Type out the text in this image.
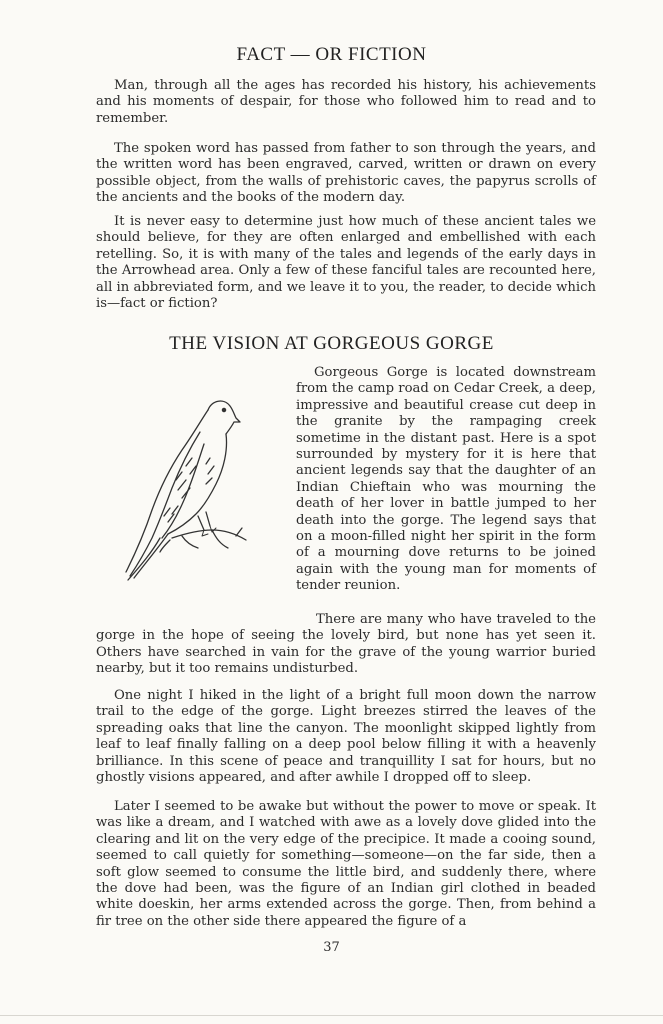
FACT — OR FICTION

Man, through all the ages has recorded his history, his achievements and his moments of despair, for those who followed him to read and to remember.

The spoken word has passed from father to son through the years, and the written word has been engraved, carved, written or drawn on every possible object, from the walls of prehistoric caves, the papyrus scrolls of the ancients and the books of the modern day.

It is never easy to determine just how much of these ancient tales we should believe, for they are often enlarged and embellished with each retelling. So, it is with many of the tales and legends of the early days in the Arrowhead area. Only a few of these fanciful tales are recounted here, all in abbreviated form, and we leave it to you, the reader, to decide which is—fact or fiction?

THE VISION AT GORGEOUS GORGE

Gorgeous Gorge is located downstream from the camp road on Cedar Creek, a deep, impressive and beautiful crease cut deep in the granite by the rampaging creek sometime in the distant past. Here is a spot surrounded by mystery for it is here that ancient legends say that the daughter of an Indian Chieftain who was mourning the death of her lover in battle jumped to her death into the gorge. The legend says that on a moon-filled night her spirit in the form of a mourning dove returns to be joined again with the young man for moments of tender reunion.

There are many who have traveled to the gorge in the hope of seeing the lovely bird, but none has yet seen it. Others have searched in vain for the grave of the young warrior buried nearby, but it too remains undisturbed.

One night I hiked in the light of a bright full moon down the narrow trail to the edge of the gorge. Light breezes stirred the leaves of the spreading oaks that line the canyon. The moonlight skipped lightly from leaf to leaf finally falling on a deep pool below filling it with a heavenly brilliance. In this scene of peace and tranquillity I sat for hours, but no ghostly visions appeared, and after awhile I dropped off to sleep.

Later I seemed to be awake but without the power to move or speak. It was like a dream, and I watched with awe as a lovely dove glided into the clearing and lit on the very edge of the precipice. It made a cooing sound, seemed to call quietly for something—someone—on the far side, then a soft glow seemed to consume the little bird, and suddenly there, where the dove had been, was the figure of an Indian girl clothed in beaded white doeskin, her arms extended across the gorge. Then, from behind a fir tree on the other side there appeared the figure of a

37
